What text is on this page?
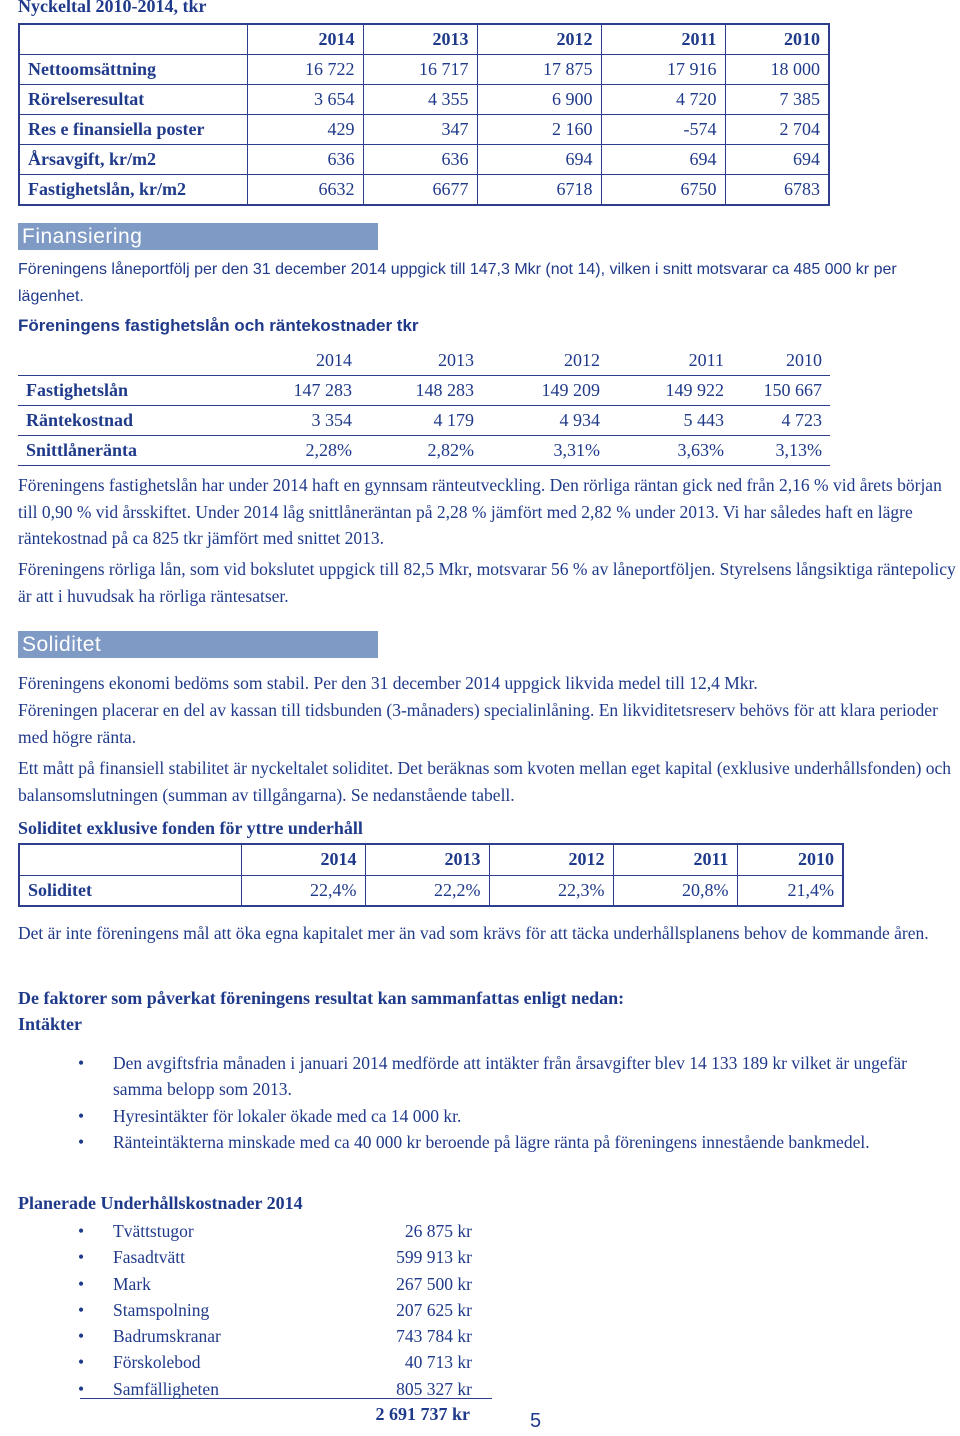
Nyckeltal 2010-2014, tkr
	2014	2013	2012	2011	2010
Nettoomsättning	16 722	16 717	17 875	17 916	18 000
Rörelseresultat	3 654	4 355	6 900	4 720	7 385
Res e finansiella poster	429	347	2 160	-574	2 704
Årsavgift, kr/m2	636	636	694	694	694
Fastighetslån, kr/m2	6632	6677	6718	6750	6783
Finansiering
Föreningens låneportfölj per den 31 december 2014 uppgick till 147,3 Mkr (not 14), vilken i snitt motsvarar ca 485 000 kr per lägenhet.
Föreningens fastighetslån och räntekostnader tkr
	2014	2013	2012	2011	2010
Fastighetslån	147 283	148 283	149 209	149 922	150 667
Räntekostnad	3 354	4 179	4 934	5 443	4 723
Snittlåneränta	2,28%	2,82%	3,31%	3,63%	3,13%
Föreningens fastighetslån har under 2014 haft en gynnsam ränteutveckling. Den rörliga räntan gick ned från 2,16 % vid årets början till 0,90 % vid årsskiftet. Under 2014 låg snittlåneräntan på 2,28 % jämfört med 2,82 % under 2013. Vi har således haft en lägre räntekostnad på ca 825 tkr jämfört med snittet 2013.
Föreningens rörliga lån, som vid bokslutet uppgick till 82,5 Mkr, motsvarar 56 % av låneportföljen. Styrelsens långsiktiga räntepolicy är att i huvudsak ha rörliga räntesatser.
Soliditet
Föreningens ekonomi bedöms som stabil. Per den 31 december 2014 uppgick likvida medel till 12,4 Mkr.
Föreningen placerar en del av kassan till tidsbunden (3-månaders) specialinlåning. En likviditetsreserv behövs för att klara perioder med högre ränta.
Ett mått på finansiell stabilitet är nyckeltalet soliditet. Det beräknas som kvoten mellan eget kapital (exklusive underhållsfonden) och balansomslutningen (summan av tillgångarna). Se nedanstående tabell.
Soliditet exklusive fonden för yttre underhåll
	2014	2013	2012	2011	2010
Soliditet	22,4%	22,2%	22,3%	20,8%	21,4%
Det är inte föreningens mål att öka egna kapitalet mer än vad som krävs för att täcka underhållsplanens behov de kommande åren.
De faktorer som påverkat föreningens resultat kan sammanfattas enligt nedan:
Intäkter
• Den avgiftsfria månaden i januari 2014 medförde att intäkter från årsavgifter blev 14 133 189 kr vilket är ungefär samma belopp som 2013.
• Hyresintäkter för lokaler ökade med ca 14 000 kr.
• Ränteintäkterna minskade med ca 40 000 kr beroende på lägre ränta på föreningens innestående bankmedel.
Planerade Underhållskostnader 2014
• Tvättstugor	26 875 kr
• Fasadtvätt	599 913 kr
• Mark	267 500 kr
• Stamspolning	207 625 kr
• Badrumskranar	743 784 kr
• Förskolebod	40 713 kr
• Samfälligheten	805 327 kr
2 691 737 kr	5
